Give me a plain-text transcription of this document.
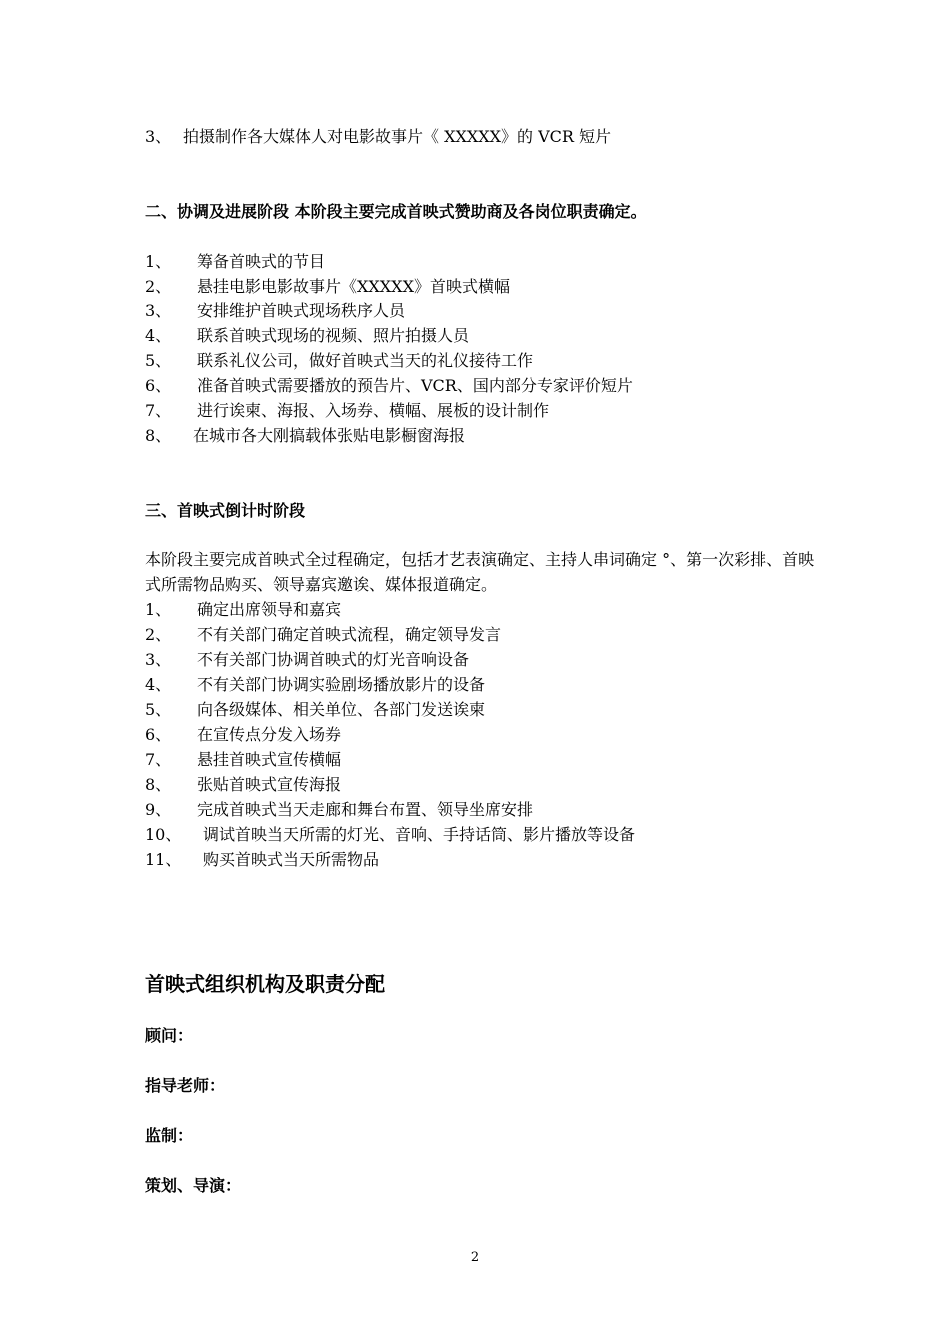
3、 拍摄制作各大媒体人对电影故事片《 XXXXX》的 VCR 短片
二、协调及进展阶段 本阶段主要完成首映式赞助商及各岗位职责确定。
1、 筹备首映式的节目
2、 悬挂电影电影故事片《XXXXX》首映式横幅
3、 安排维护首映式现场秩序人员
4、 联系首映式现场的视频、照片拍摄人员
5、 联系礼仪公司，做好首映式当天的礼仪接待工作
6、 准备首映式需要播放的预告片、VCR、国内部分专家评价短片
7、 进行诶柬、海报、入场券、横幅、展板的设计制作
8、 在城市各大刚搞载体张贴电影橱窗海报
三、首映式倒计时阶段
本阶段主要完成首映式全过程确定，包括才艺表演确定、主持人串词确定 °、第一次彩排、首映式所需物品购买、领导嘉宾邀诶、媒体报道确定。
1、 确定出席领导和嘉宾
2、 不有关部门确定首映式流程，确定领导发言
3、 不有关部门协调首映式的灯光音响设备
4、 不有关部门协调实验剧场播放影片的设备
5、 向各级媒体、相关单位、各部门发送诶柬
6、 在宣传点分发入场券
7、 悬挂首映式宣传横幅
8、 张贴首映式宣传海报
9、 完成首映式当天走廊和舞台布置、领导坐席安排
10、 调试首映当天所需的灯光、音响、手持话筒、影片播放等设备
11、 购买首映式当天所需物品
首映式组织机构及职责分配
顾问：
指导老师：
监制：
策划、导演：
2
